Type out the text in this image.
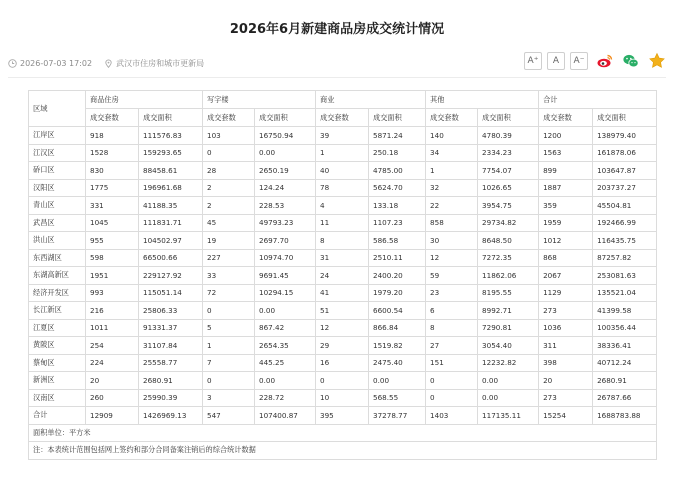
2026年6月新建商品房成交统计情况
2026-07-03 17:02	武汉市住房和城市更新局	A⁺	A	A⁻
区域	商品住房		写字楼		商业		其他		合计	
	成交套数	成交面积	成交套数	成交面积	成交套数	成交面积	成交套数	成交面积	成交套数	成交面积
江岸区	918	111576.83	103	16750.94	39	5871.24	140	4780.39	1200	138979.40
江汉区	1528	159293.65	0	0.00	1	250.18	34	2334.23	1563	161878.06
硚口区	830	88458.61	28	2650.19	40	4785.00	1	7754.07	899	103647.87
汉阳区	1775	196961.68	2	124.24	78	5624.70	32	1026.65	1887	203737.27
青山区	331	41188.35	2	228.53	4	133.18	22	3954.75	359	45504.81
武昌区	1045	111831.71	45	49793.23	11	1107.23	858	29734.82	1959	192466.99
洪山区	955	104502.97	19	2697.70	8	586.58	30	8648.50	1012	116435.75
东西湖区	598	66500.66	227	10974.70	31	2510.11	12	7272.35	868	87257.82
东湖高新区	1951	229127.92	33	9691.45	24	2400.20	59	11862.06	2067	253081.63
经济开发区	993	115051.14	72	10294.15	41	1979.20	23	8195.55	1129	135521.04
长江新区	216	25806.33	0	0.00	51	6600.54	6	8992.71	273	41399.58
江夏区	1011	91331.37	5	867.42	12	866.84	8	7290.81	1036	100356.44
黄陂区	254	31107.84	1	2654.35	29	1519.82	27	3054.40	311	38336.41
蔡甸区	224	25558.77	7	445.25	16	2475.40	151	12232.82	398	40712.24
新洲区	20	2680.91	0	0.00	0	0.00	0	0.00	20	2680.91
汉南区	260	25990.39	3	228.72	10	568.55	0	0.00	273	26787.66
合计	12909	1426969.13	547	107400.87	395	37278.77	1403	117135.11	15254	1688783.88
面积单位：平方米										
注：本表统计范围包括网上签约和部分合同备案注销后的综合统计数据										
